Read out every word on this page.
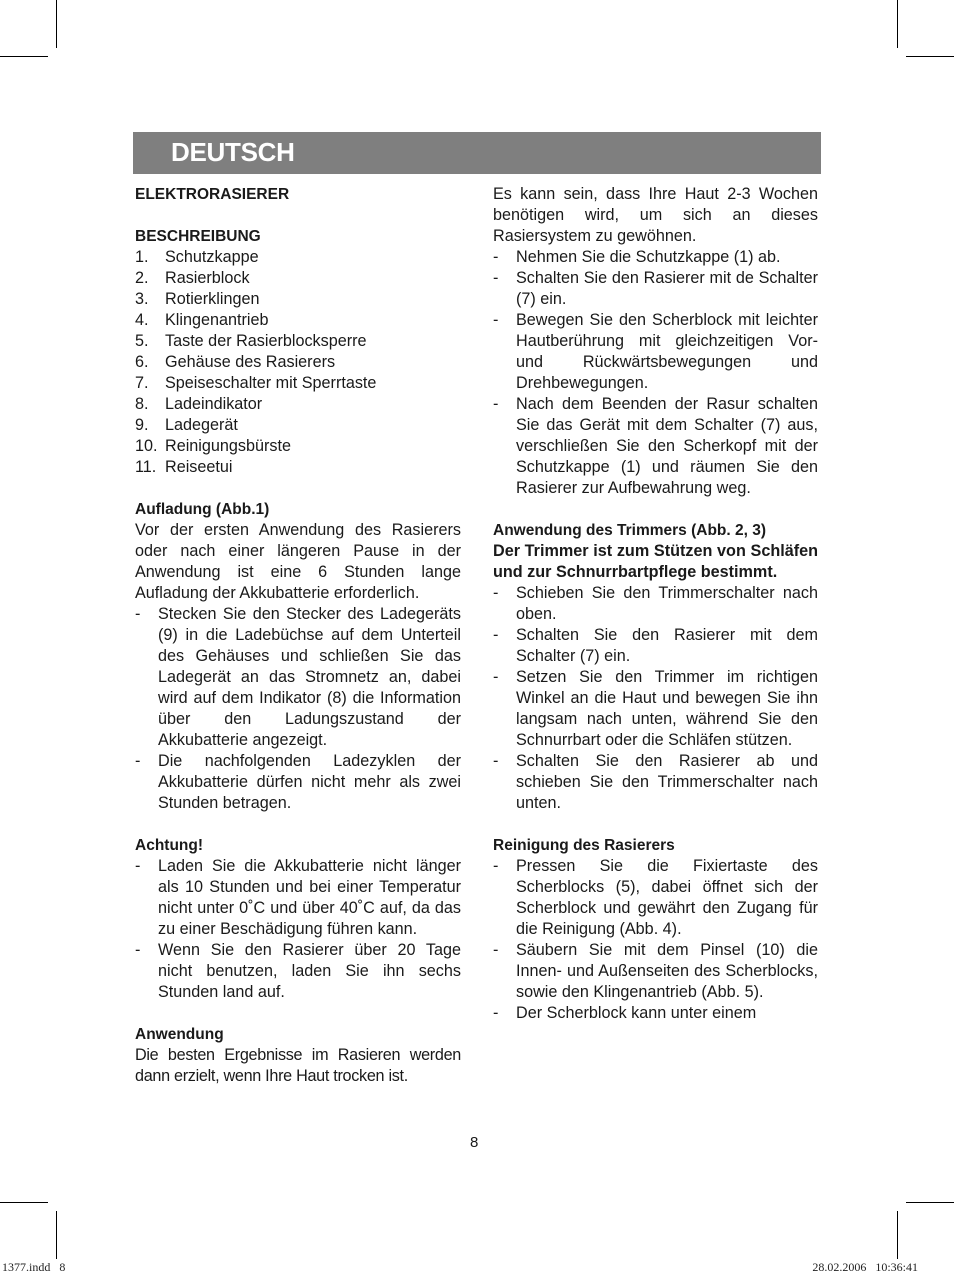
DEUTSCH

ELEKTRORASIERER

BESCHREIBUNG

1.	Schutzkappe
2.	Rasierblock
3.	Rotierklingen
4.	Klingenantrieb
5.	Taste der Rasierblocksperre
6.	Gehäuse des Rasierers
7.	Speiseschalter mit Sperrtaste
8.	Ladeindikator
9.	Ladegerät
10. Reinigungsbürste
11. Reiseetui

Aufladung (Abb.1)

Vor der ersten Anwendung des Rasierers oder nach einer längeren Pause in der Anwendung ist eine 6 Stunden lange Aufladung der Akkubatterie erforderlich.

-	Stecken Sie den Stecker des Ladegeräts (9) in die Ladebüchse auf dem Unterteil des Gehäuses und schließen Sie das Ladegerät an das Stromnetz an, dabei wird auf dem Indikator (8) die Information über den Ladungszustand der Akkubatterie angezeigt.
-	Die nachfolgenden Ladezyklen der Akkubatterie dürfen nicht mehr als zwei Stunden betragen.

Achtung!

-	Laden Sie die Akkubatterie nicht länger als 10 Stunden und bei einer Temperatur nicht unter 0˚C und über 40˚C auf, da das zu einer Beschädigung führen kann.
-	Wenn Sie den Rasierer über 20 Tage nicht benutzen, laden Sie ihn sechs Stunden land auf.

Anwendung

Die besten Ergebnisse im Rasieren werden dann erzielt, wenn Ihre Haut trocken ist.

Es kann sein, dass Ihre Haut 2-3 Wochen benötigen wird, um sich an dieses Rasiersystem zu gewöhnen.

-	Nehmen Sie die Schutzkappe (1) ab.
-	Schalten Sie den Rasierer mit de Schalter (7) ein.
-	Bewegen Sie den Scherblock mit leichter Hautberührung mit gleichzeitigen Vor- und Rückwärtsbewegungen und Drehbewegungen.
-	Nach dem Beenden der Rasur schalten Sie das Gerät mit dem Schalter (7) aus, verschließen Sie den Scherkopf mit der Schutzkappe (1) und räumen Sie den Rasierer zur Aufbewahrung weg.

Anwendung des Trimmers (Abb. 2, 3)

Der Trimmer ist zum Stützen von Schläfen und zur Schnurrbartpflege bestimmt.

-	Schieben Sie den Trimmerschalter nach oben.
-	Schalten Sie den Rasierer mit dem Schalter (7) ein.
-	Setzen Sie den Trimmer im richtigen Winkel an die Haut und bewegen Sie ihn langsam nach unten, während Sie den Schnurrbart oder die Schläfen stützen.
-	Schalten Sie den Rasierer ab und schieben Sie den Trimmerschalter nach unten.

Reinigung des Rasierers

-	Pressen Sie die Fixiertaste des Scherblocks (5), dabei öffnet sich der Scherblock und gewährt den Zugang für die Reinigung (Abb. 4).
-	Säubern Sie mit dem Pinsel (10) die Innen- und Außenseiten des Scherblocks, sowie den Klingenantrieb (Abb. 5).
-	Der Scherblock kann unter einem
8
1377.indd   8	28.02.2006   10:36:41
